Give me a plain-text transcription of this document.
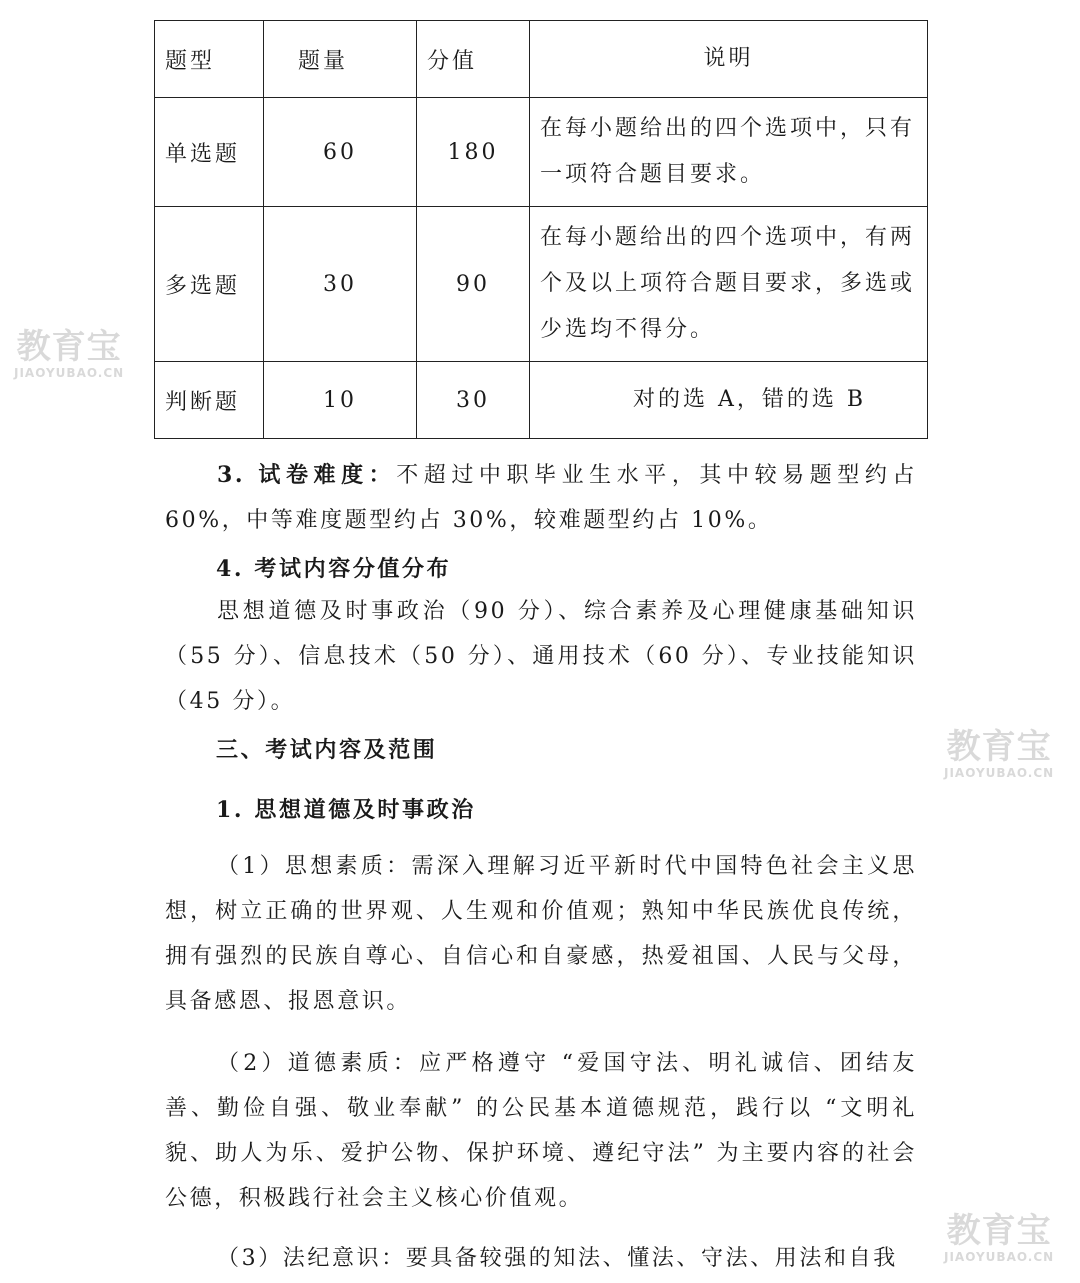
题型	题量	分值	说明
单选题	60	180	在每小题给出的四个选项中，只有一项符合题目要求。
多选题	30	90	在每小题给出的四个选项中，有两个及以上项符合题目要求，多选或少选均不得分。
判断题	10	30	对的选 A，错的选 B

3. 试卷难度：不超过中职毕业生水平，其中较易题型约占 60%，中等难度题型约占 30%，较难题型约占 10%。

4. 考试内容分值分布

思想道德及时事政治（90 分）、综合素养及心理健康基础知识（55 分）、信息技术（50 分）、通用技术（60 分）、专业技能知识（45 分）。

三、考试内容及范围

1. 思想道德及时事政治

（1）思想素质：需深入理解习近平新时代中国特色社会主义思想，树立正确的世界观、人生观和价值观；熟知中华民族优良传统，拥有强烈的民族自尊心、自信心和自豪感，热爱祖国、人民与父母，具备感恩、报恩意识。

（2）道德素质：应严格遵守 “爱国守法、明礼诚信、团结友善、勤俭自强、敬业奉献” 的公民基本道德规范，践行以 “文明礼貌、助人为乐、爱护公物、保护环境、遵纪守法” 为主要内容的社会公德，积极践行社会主义核心价值观。

（3）法纪意识：要具备较强的知法、懂法、守法、用法和自我

教育宝
JIAOYUBAO.CN
教育宝
JIAOYUBAO.CN
教育宝
JIAOYUBAO.CN
